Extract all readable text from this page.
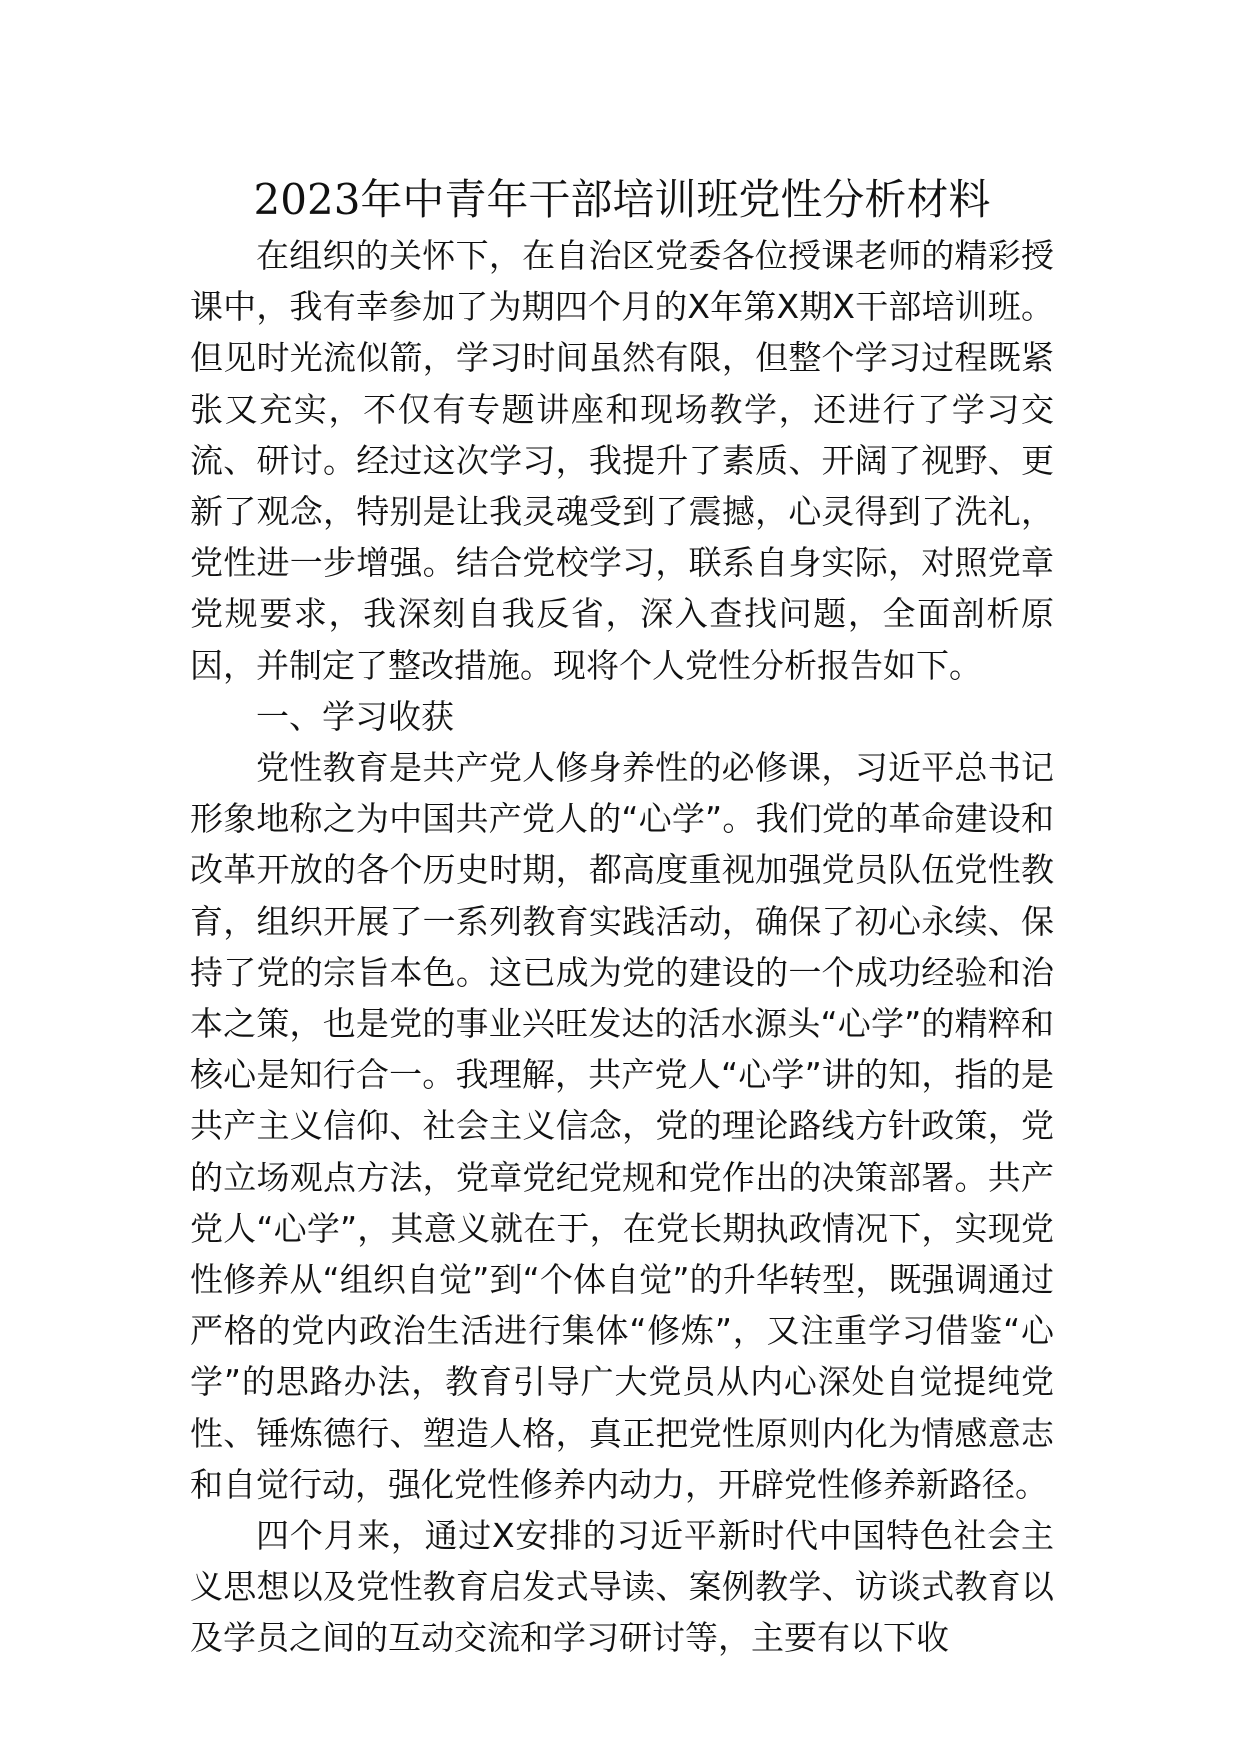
2023年中青年干部培训班党性分析材料

在组织的关怀下，在自治区党委各位授课老师的精彩授课中，我有幸参加了为期四个月的X年第X期X干部培训班。但见时光流似箭，学习时间虽然有限，但整个学习过程既紧张又充实，不仅有专题讲座和现场教学，还进行了学习交流、研讨。经过这次学习，我提升了素质、开阔了视野、更新了观念，特别是让我灵魂受到了震撼，心灵得到了洗礼，党性进一步增强。结合党校学习，联系自身实际，对照党章党规要求，我深刻自我反省，深入查找问题，全面剖析原因，并制定了整改措施。现将个人党性分析报告如下。

一、学习收获

党性教育是共产党人修身养性的必修课，习近平总书记形象地称之为中国共产党人的“心学”。我们党的革命建设和改革开放的各个历史时期，都高度重视加强党员队伍党性教育，组织开展了一系列教育实践活动，确保了初心永续、保持了党的宗旨本色。这已成为党的建设的一个成功经验和治本之策，也是党的事业兴旺发达的活水源头“心学”的精粹和核心是知行合一。我理解，共产党人“心学”讲的知，指的是共产主义信仰、社会主义信念，党的理论路线方针政策，党的立场观点方法，党章党纪党规和党作出的决策部署。共产党人“心学”，其意义就在于，在党长期执政情况下，实现党性修养从“组织自觉”到“个体自觉”的升华转型，既强调通过严格的党内政治生活进行集体“修炼”，又注重学习借鉴“心学”的思路办法，教育引导广大党员从内心深处自觉提纯党性、锤炼德行、塑造人格，真正把党性原则内化为情感意志和自觉行动，强化党性修养内动力，开辟党性修养新路径。

四个月来，通过X安排的习近平新时代中国特色社会主义思想以及党性教育启发式导读、案例教学、访谈式教育以及学员之间的互动交流和学习研讨等，主要有以下收
